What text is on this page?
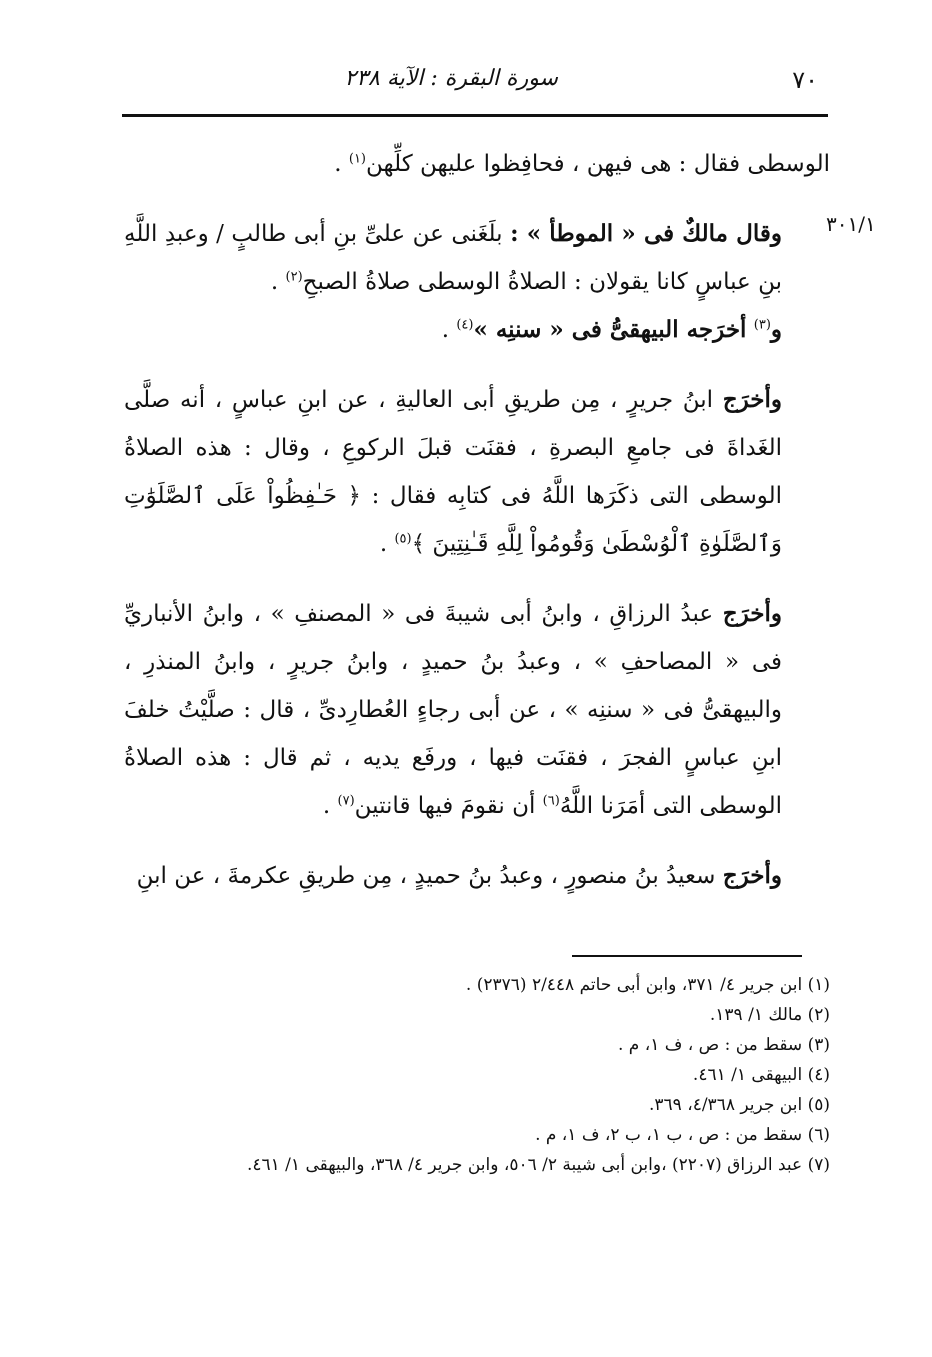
٧٠
سورة البقرة : الآية ٢٣٨
٣٠١/١

الوسطى فقال : هى فيهن ، فحافِظوا عليهن كلِّهن$^{(١)}$ .

وقال مالكٌ فى « الموطأ » : بلَغَنى عن علىِّ بنِ أبى طالبٍ / وعبدِ اللَّهِ بنِ عباسٍ كانا يقولان : الصلاةُ الوسطى صلاةُ الصبحِ$^{(٢)}$ .

و$^{(٣)}$ أخرَجه البيهقىُّ فى « سننِه »$^{(٤)}$ .

وأخرَج ابنُ جريرٍ ، مِن طريقِ أبى العاليةِ ، عن ابنِ عباسٍ ، أنه صلَّى الغَداةَ فى جامعِ البصرةِ ، فقنَت قبلَ الركوعِ ، وقال : هذه الصلاةُ الوسطى التى ذكَرَها اللَّهُ فى كتابِه فقال : ﴿ حَـٰفِظُواْ عَلَى ٱلصَّلَوَٰتِ وَٱلصَّلَوٰةِ ٱلْوُسْطَىٰ وَقُومُواْ لِلَّهِ قَـٰنِتِينَ ﴾$^{(٥)}$ .

وأخرَج عبدُ الرزاقِ ، وابنُ أبى شيبةَ فى « المصنفِ » ، وابنُ الأنباريِّ فى « المصاحفِ » ، وعبدُ بنُ حميدٍ ، وابنُ جريرٍ ، وابنُ المنذرِ ، والبيهقىُّ فى « سننِه » ، عن أبى رجاءٍ العُطارِدىِّ ، قال : صلَّيْتُ خلفَ ابنِ عباسٍ الفجرَ ، فقنَت فيها ، ورفَع يديه ، ثم قال : هذه الصلاةُ الوسطى التى أمَرَنا اللَّهُ$^{(٦)}$ أن نقومَ فيها قانتين$^{(٧)}$ .

وأخرَج سعيدُ بنُ منصورٍ ، وعبدُ بنُ حميدٍ ، مِن طريقِ عكرمةَ ، عن ابنِ

(١) ابن جرير ٤/ ٣٧١، وابن أبى حاتم ٢/٤٤٨ (٢٣٧٦) .

(٢) مالك ١/ ١٣٩.

(٣) سقط من : ص ، ف ١، م .

(٤) البيهقى ١/ ٤٦١.

(٥) ابن جرير ٤/٣٦٨، ٣٦٩.

(٦) سقط من : ص ، ب ١، ب ٢، ف ١، م .

(٧) عبد الرزاق (٢٢٠٧) ،وابن أبى شيبة ٢/ ٥٠٦، وابن جرير ٤/ ٣٦٨، والبيهقى ١/ ٤٦١.
